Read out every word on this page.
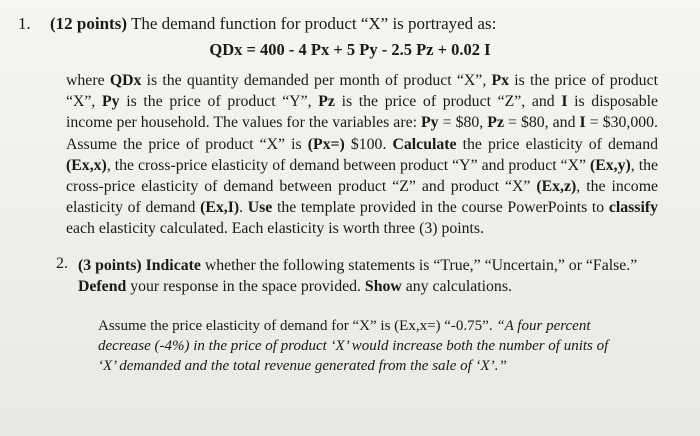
1. (12 points) The demand function for product “X” is portrayed as:
QDx = 400 - 4 Px + 5 Py - 2.5 Pz + 0.02 I
where QDx is the quantity demanded per month of product “X”, Px is the price of product “X”, Py is the price of product “Y”, Pz is the price of product “Z”, and I is disposable income per household. The values for the variables are: Py = $80, Pz = $80, and I = $30,000. Assume the price of product “X” is (Px=) $100. Calculate the price elasticity of demand (Ex,x), the cross-price elasticity of demand between product “Y” and product “X” (Ex,y), the cross-price elasticity of demand between product “Z” and product “X” (Ex,z), the income elasticity of demand (Ex,I). Use the template provided in the course PowerPoints to classify each elasticity calculated. Each elasticity is worth three (3) points.
2. (3 points) Indicate whether the following statements is “True,” “Uncertain,” or “False.” Defend your response in the space provided. Show any calculations.
Assume the price elasticity of demand for “X” is (Ex,x=) “-0.75”. “A four percent decrease (-4%) in the price of product ‘X’ would increase both the number of units of ‘X’ demanded and the total revenue generated from the sale of ‘X’.”
